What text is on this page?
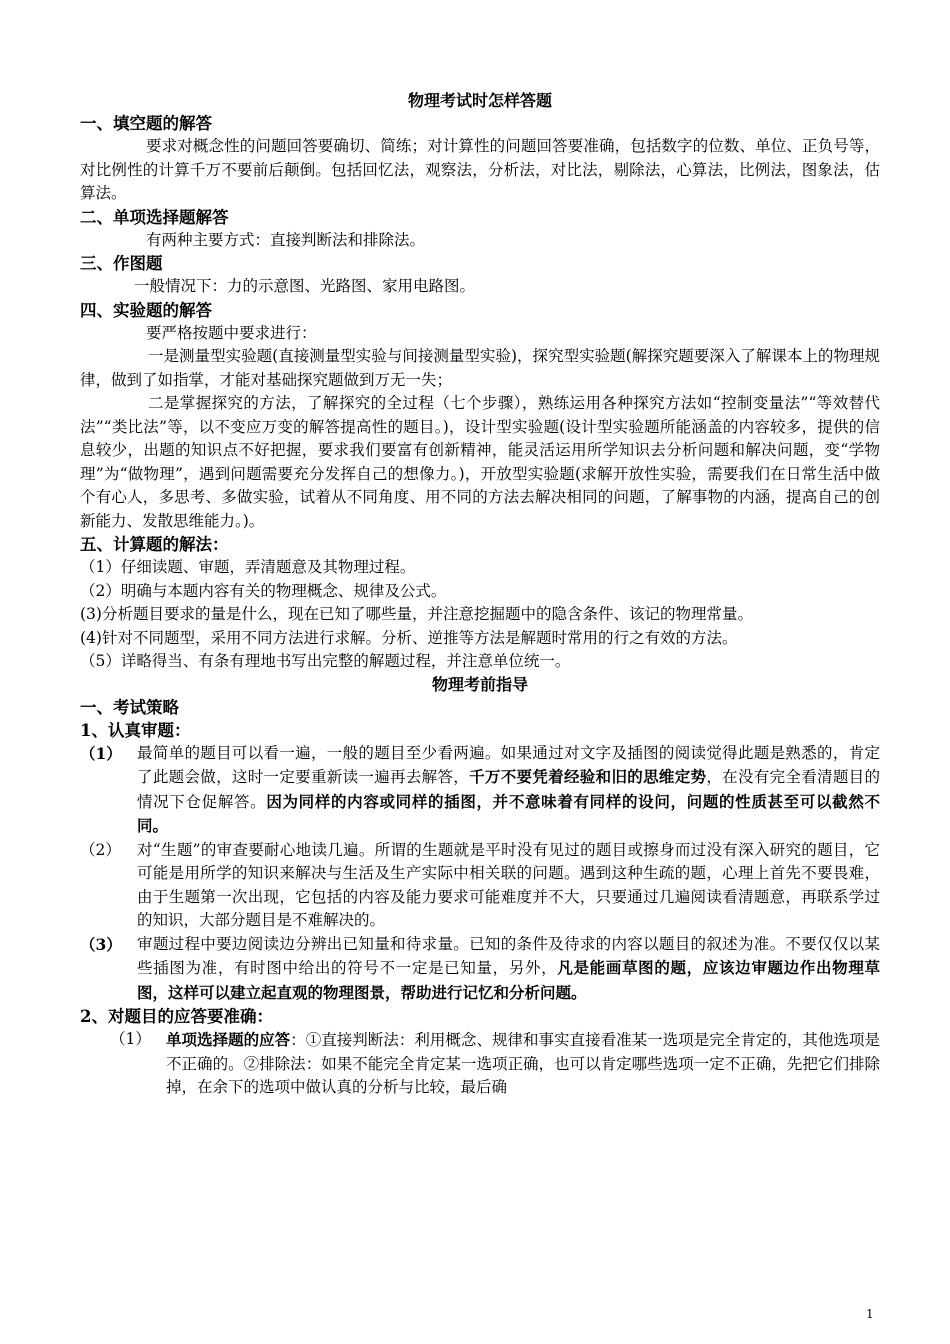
物理考试时怎样答题

一、填空题的解答

要求对概念性的问题回答要确切、简练；对计算性的问题回答要准确，包括数字的位数、单位、正负号等，对比例性的计算千万不要前后颠倒。包括回忆法，观察法，分析法，对比法，剔除法，心算法，比例法，图象法，估算法。

二、单项选择题解答

有两种主要方式：直接判断法和排除法。

三、作图题

一般情况下：力的示意图、光路图、家用电路图。

四、实验题的解答

要严格按题中要求进行：

一是测量型实验题(直接测量型实验与间接测量型实验)，探究型实验题(解探究题要深入了解课本上的物理规律，做到了如指掌，才能对基础探究题做到万无一失；

二是掌握探究的方法，了解探究的全过程（七个步骤），熟练运用各种探究方法如“控制变量法”“等效替代法”“类比法”等，以不变应万变的解答提高性的题目。)，设计型实验题(设计型实验题所能涵盖的内容较多，提供的信息较少，出题的知识点不好把握，要求我们要富有创新精神，能灵活运用所学知识去分析问题和解决问题，变“学物理”为“做物理”，遇到问题需要充分发挥自己的想像力。)，开放型实验题(求解开放性实验，需要我们在日常生活中做个有心人，多思考、多做实验，试着从不同角度、用不同的方法去解决相同的问题，了解事物的内涵，提高自己的创新能力、发散思维能力。)。

五、计算题的解法：

（1）仔细读题、审题，弄清题意及其物理过程。

（2）明确与本题内容有关的物理概念、规律及公式。

(3)分析题目要求的量是什么，现在已知了哪些量，并注意挖掘题中的隐含条件、该记的物理常量。

(4)针对不同题型，采用不同方法进行求解。分析、逆推等方法是解题时常用的行之有效的方法。

（5）详略得当、有条有理地书写出完整的解题过程，并注意单位统一。

物理考前指导

一、考试策略

1、认真审题：

（1） 最简单的题目可以看一遍，一般的题目至少看两遍。如果通过对文字及插图的阅读觉得此题是熟悉的，肯定了此题会做，这时一定要重新读一遍再去解答，千万不要凭着经验和旧的思维定势，在没有完全看清题目的情况下仓促解答。因为同样的内容或同样的插图，并不意味着有同样的设问，问题的性质甚至可以截然不同。
（2）	对“生题”的审查要耐心地读几遍。所谓的生题就是平时没有见过的题目或擦身而过没有深入研究的题目，它可能是用所学的知识来解决与生活及生产实际中相关联的问题。遇到这种生疏的题，心理上首先不要畏难，由于生题第一次出现，它包括的内容及能力要求可能难度并不大，只要通过几遍阅读看清题意，再联系学过的知识，大部分题目是不难解决的。
（3） 审题过程中要边阅读边分辨出已知量和待求量。已知的条件及待求的内容以题目的叙述为准。不要仅仅以某些插图为准，有时图中给出的符号不一定是已知量，另外，凡是能画草图的题，应该边审题边作出物理草图，这样可以建立起直观的物理图景，帮助进行记忆和分析问题。

2、对题目的应答要准确：

（1） 单项选择题的应答：①直接判断法：利用概念、规律和事实直接看准某一选项是完全肯定的，其他选项是不正确的。②排除法：如果不能完全肯定某一选项正确，也可以肯定哪些选项一定不正确，先把它们排除掉，在余下的选项中做认真的分析与比较，最后确
1
